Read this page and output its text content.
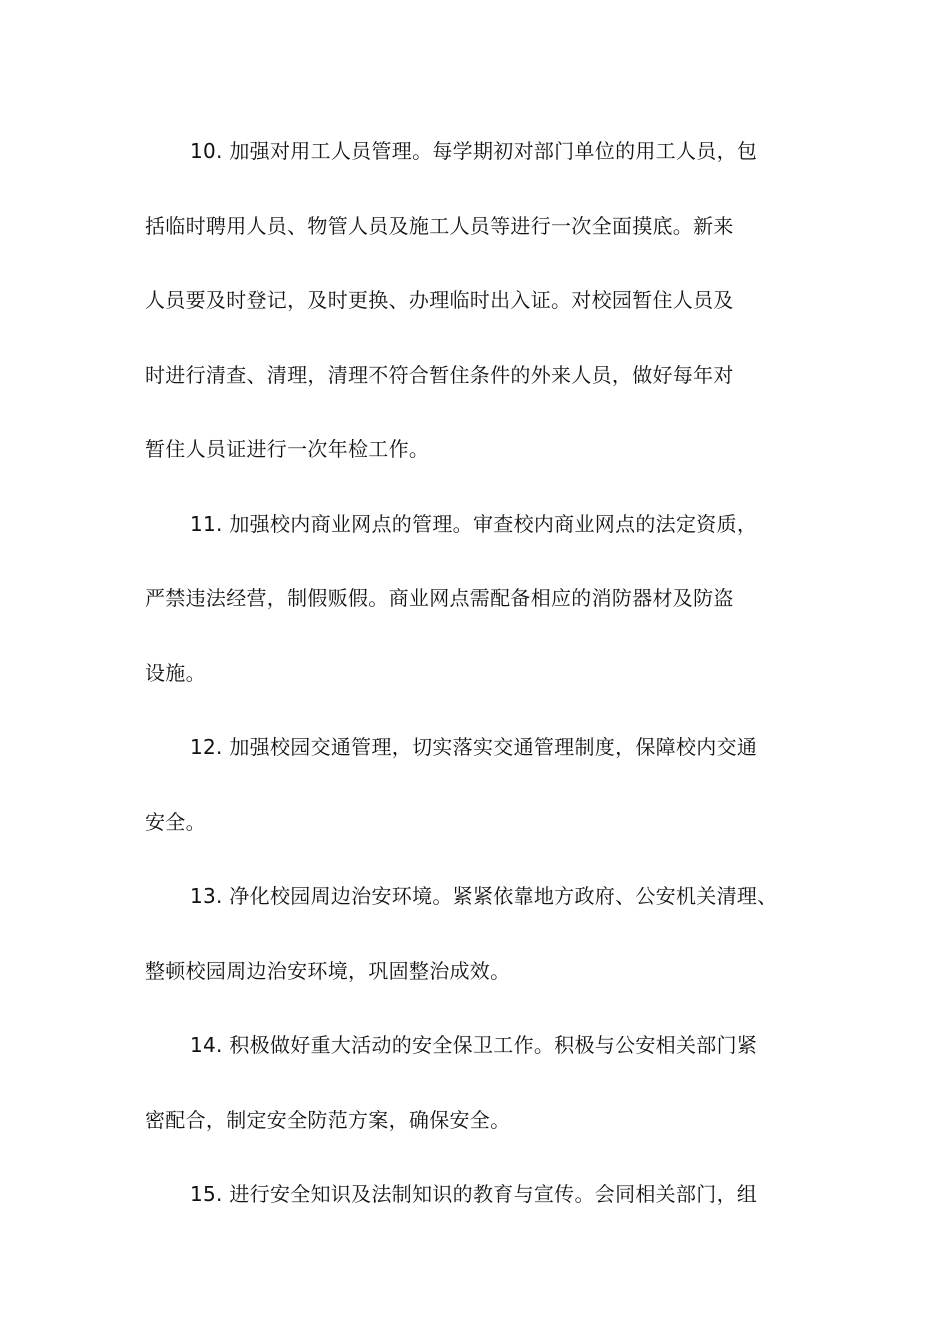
10. 加强对用工人员管理。每学期初对部门单位的用工人员，包
括临时聘用人员、物管人员及施工人员等进行一次全面摸底。新来
人员要及时登记，及时更换、办理临时出入证。对校园暂住人员及
时进行清查、清理，清理不符合暂住条件的外来人员，做好每年对
暂住人员证进行一次年检工作。
11. 加强校内商业网点的管理。审查校内商业网点的法定资质，
严禁违法经营，制假贩假。商业网点需配备相应的消防器材及防盗
设施。
12. 加强校园交通管理，切实落实交通管理制度，保障校内交通
安全。
13. 净化校园周边治安环境。紧紧依靠地方政府、公安机关清理、
整顿校园周边治安环境，巩固整治成效。
14. 积极做好重大活动的安全保卫工作。积极与公安相关部门紧
密配合，制定安全防范方案，确保安全。
15. 进行安全知识及法制知识的教育与宣传。会同相关部门，组
